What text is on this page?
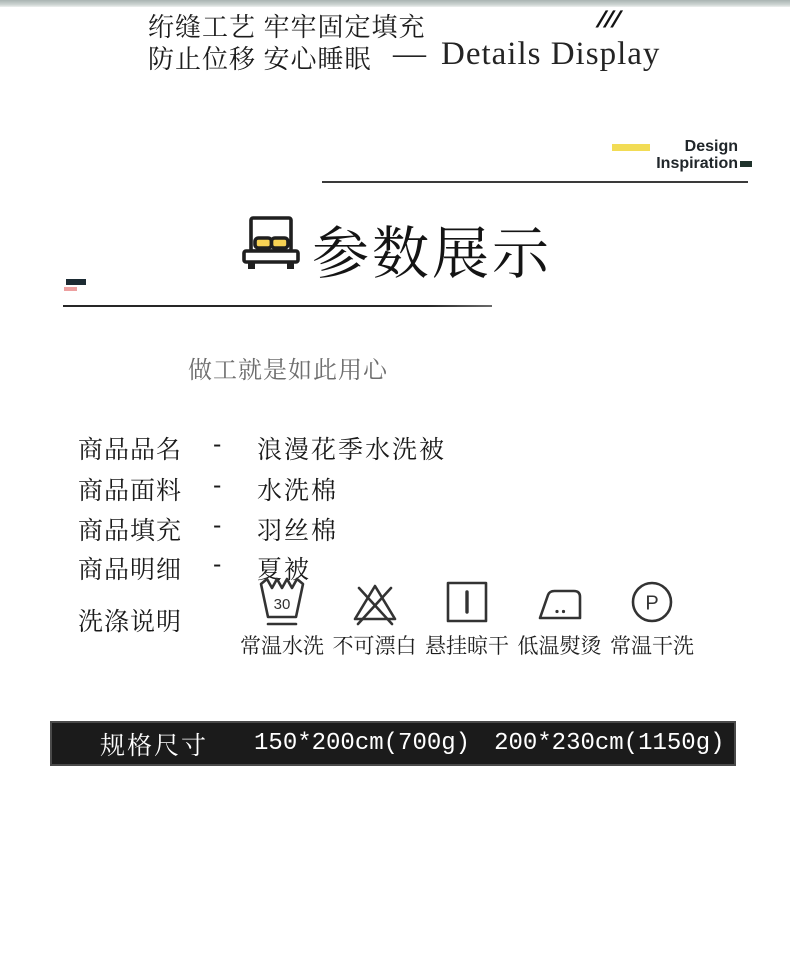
绗缝工艺 牢牢固定填充
防止位移 安心睡眠
///
— Details Display
Design
Inspiration
参数展示
做工就是如此用心
商品品名 - 浪漫花季水洗被
商品面料 - 水洗棉
商品填充 - 羽丝棉
商品明细 - 夏被
洗涤说明
30
常温水洗 不可漂白 悬挂晾干 低温熨烫
P
常温干洗
规格尺寸 150*200cm(700g) 200*230cm(1150g)
